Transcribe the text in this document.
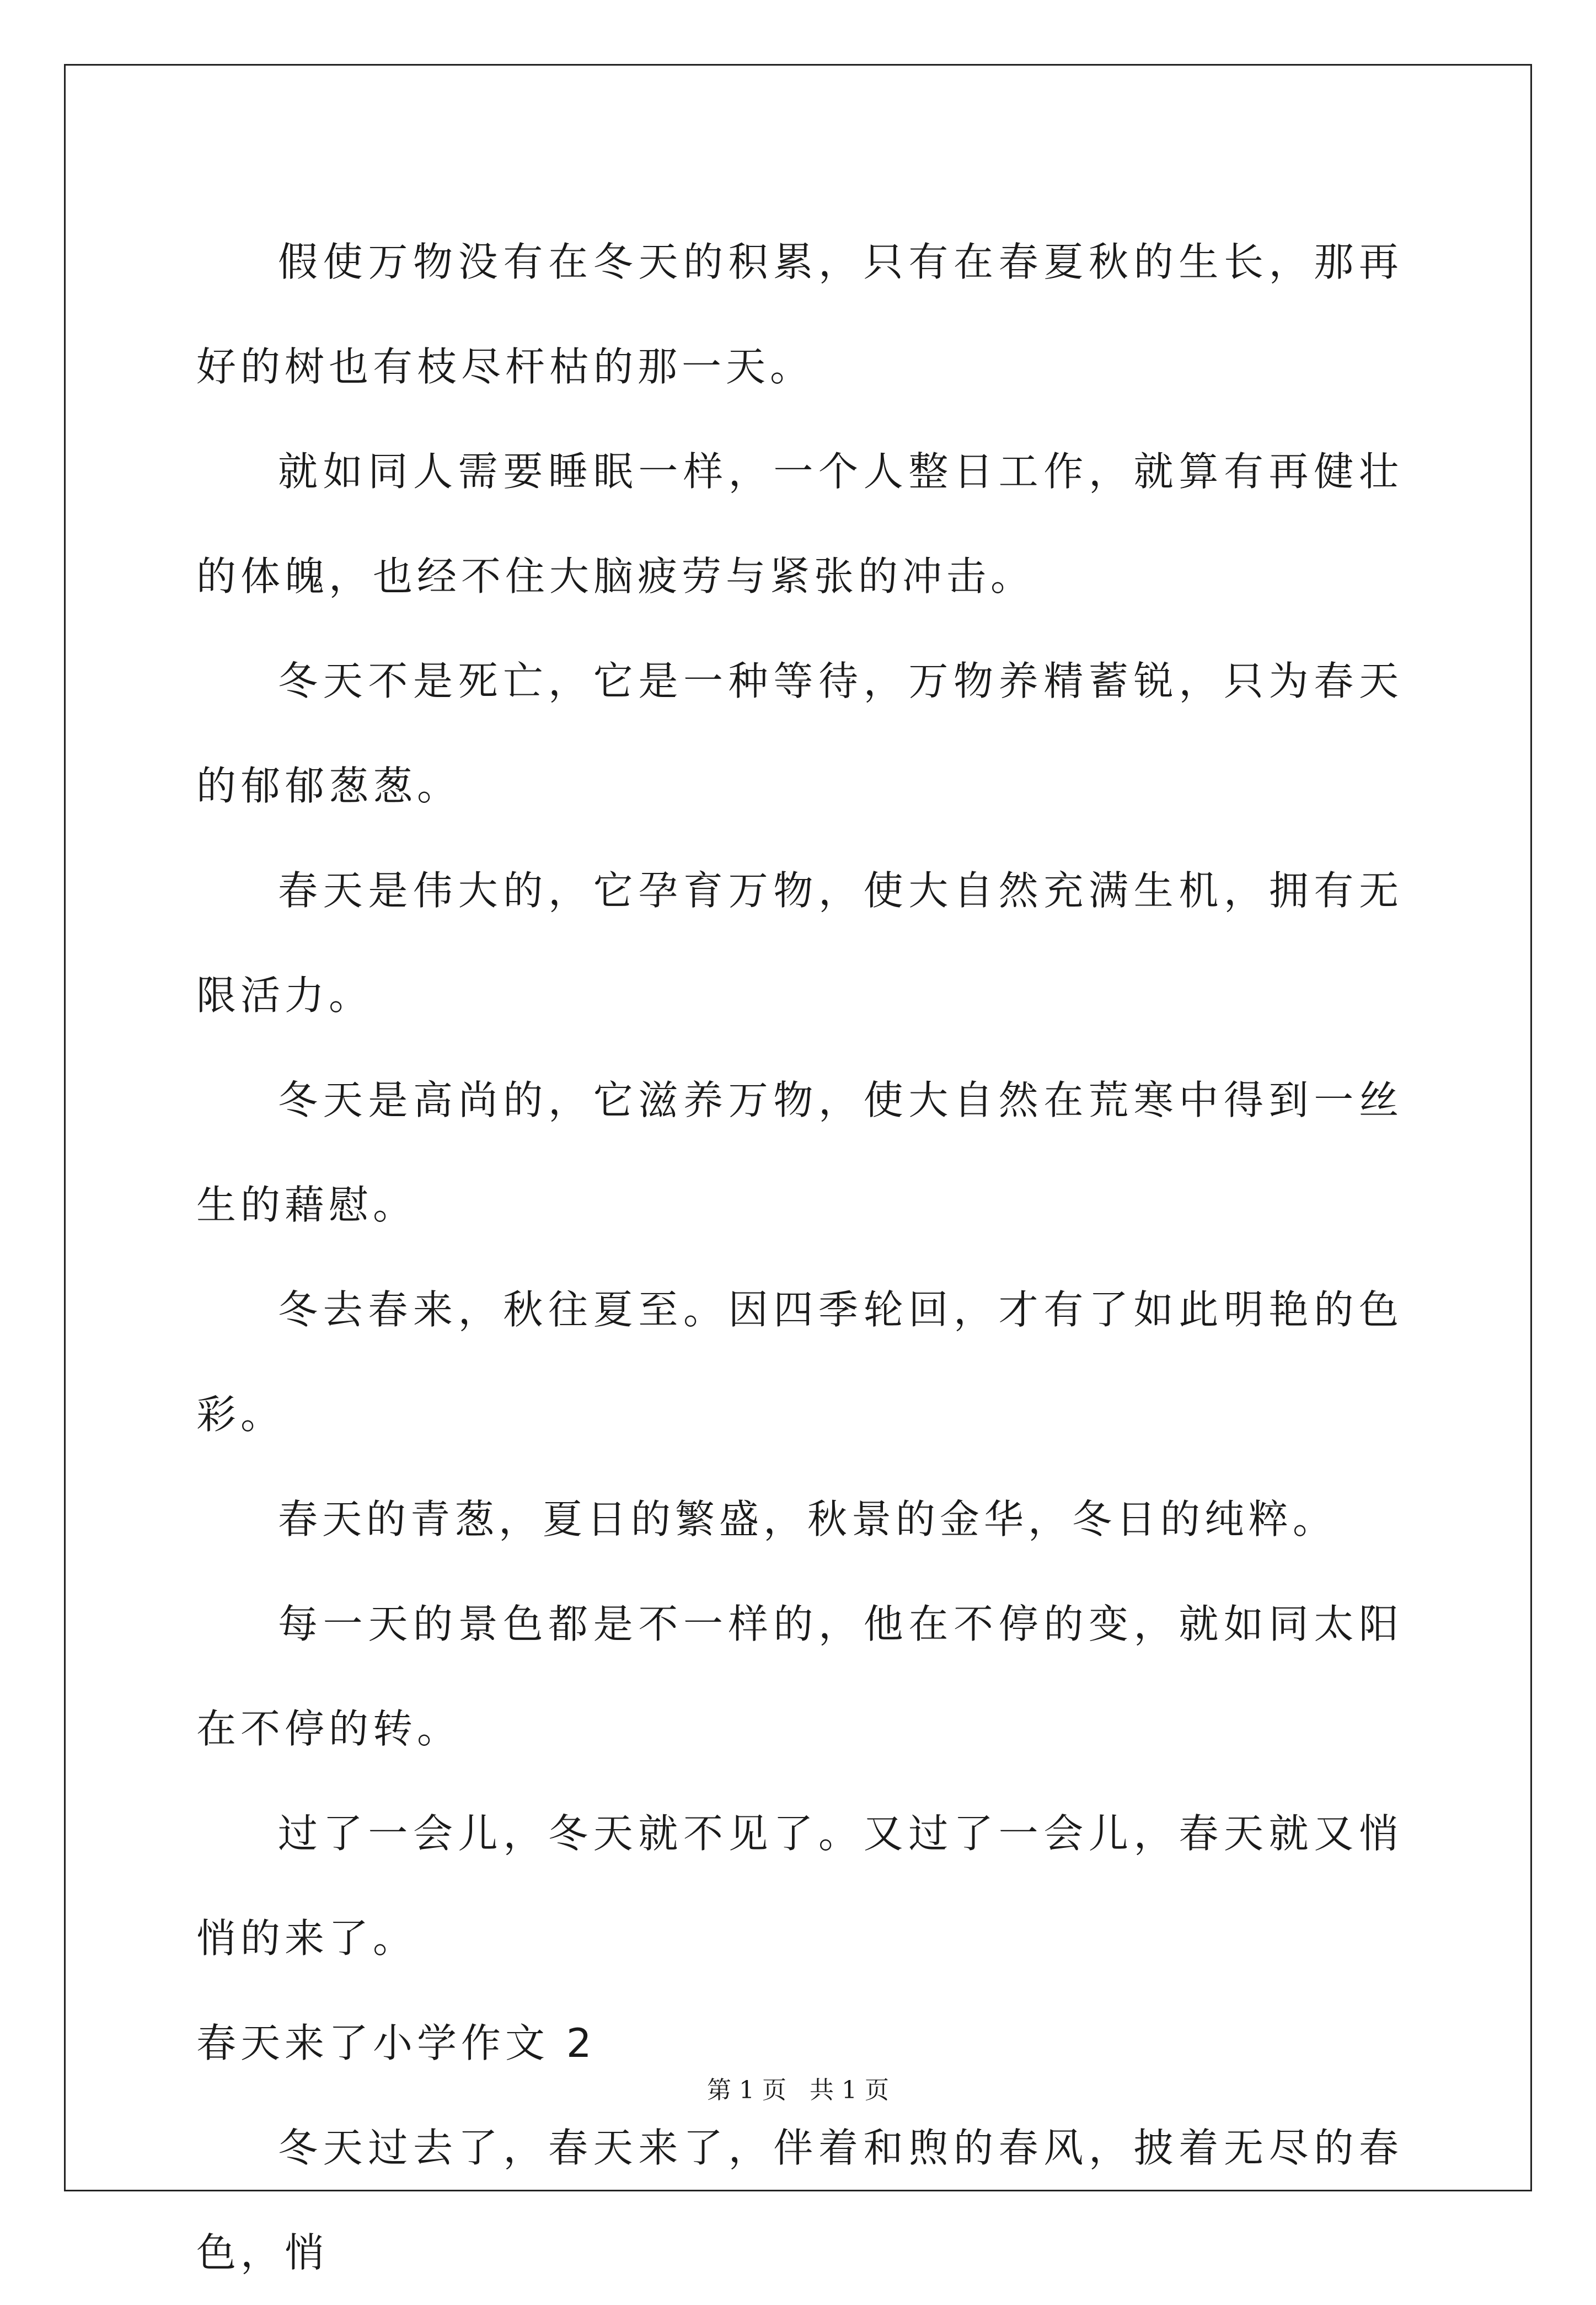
假使万物没有在冬天的积累，只有在春夏秋的生长，那再好的树也有枝尽杆枯的那一天。

就如同人需要睡眠一样，一个人整日工作，就算有再健壮的体魄，也经不住大脑疲劳与紧张的冲击。

冬天不是死亡，它是一种等待，万物养精蓄锐，只为春天的郁郁葱葱。

春天是伟大的，它孕育万物，使大自然充满生机，拥有无限活力。

冬天是高尚的，它滋养万物，使大自然在荒寒中得到一丝生的藉慰。

冬去春来，秋往夏至。因四季轮回，才有了如此明艳的色彩。

春天的青葱，夏日的繁盛，秋景的金华，冬日的纯粹。

每一天的景色都是不一样的，他在不停的变，就如同太阳在不停的转。

过了一会儿，冬天就不见了。又过了一会儿，春天就又悄悄的来了。

春天来了小学作文 2

冬天过去了，春天来了，伴着和煦的春风，披着无尽的春色，悄

第 1 页   共 1 页
